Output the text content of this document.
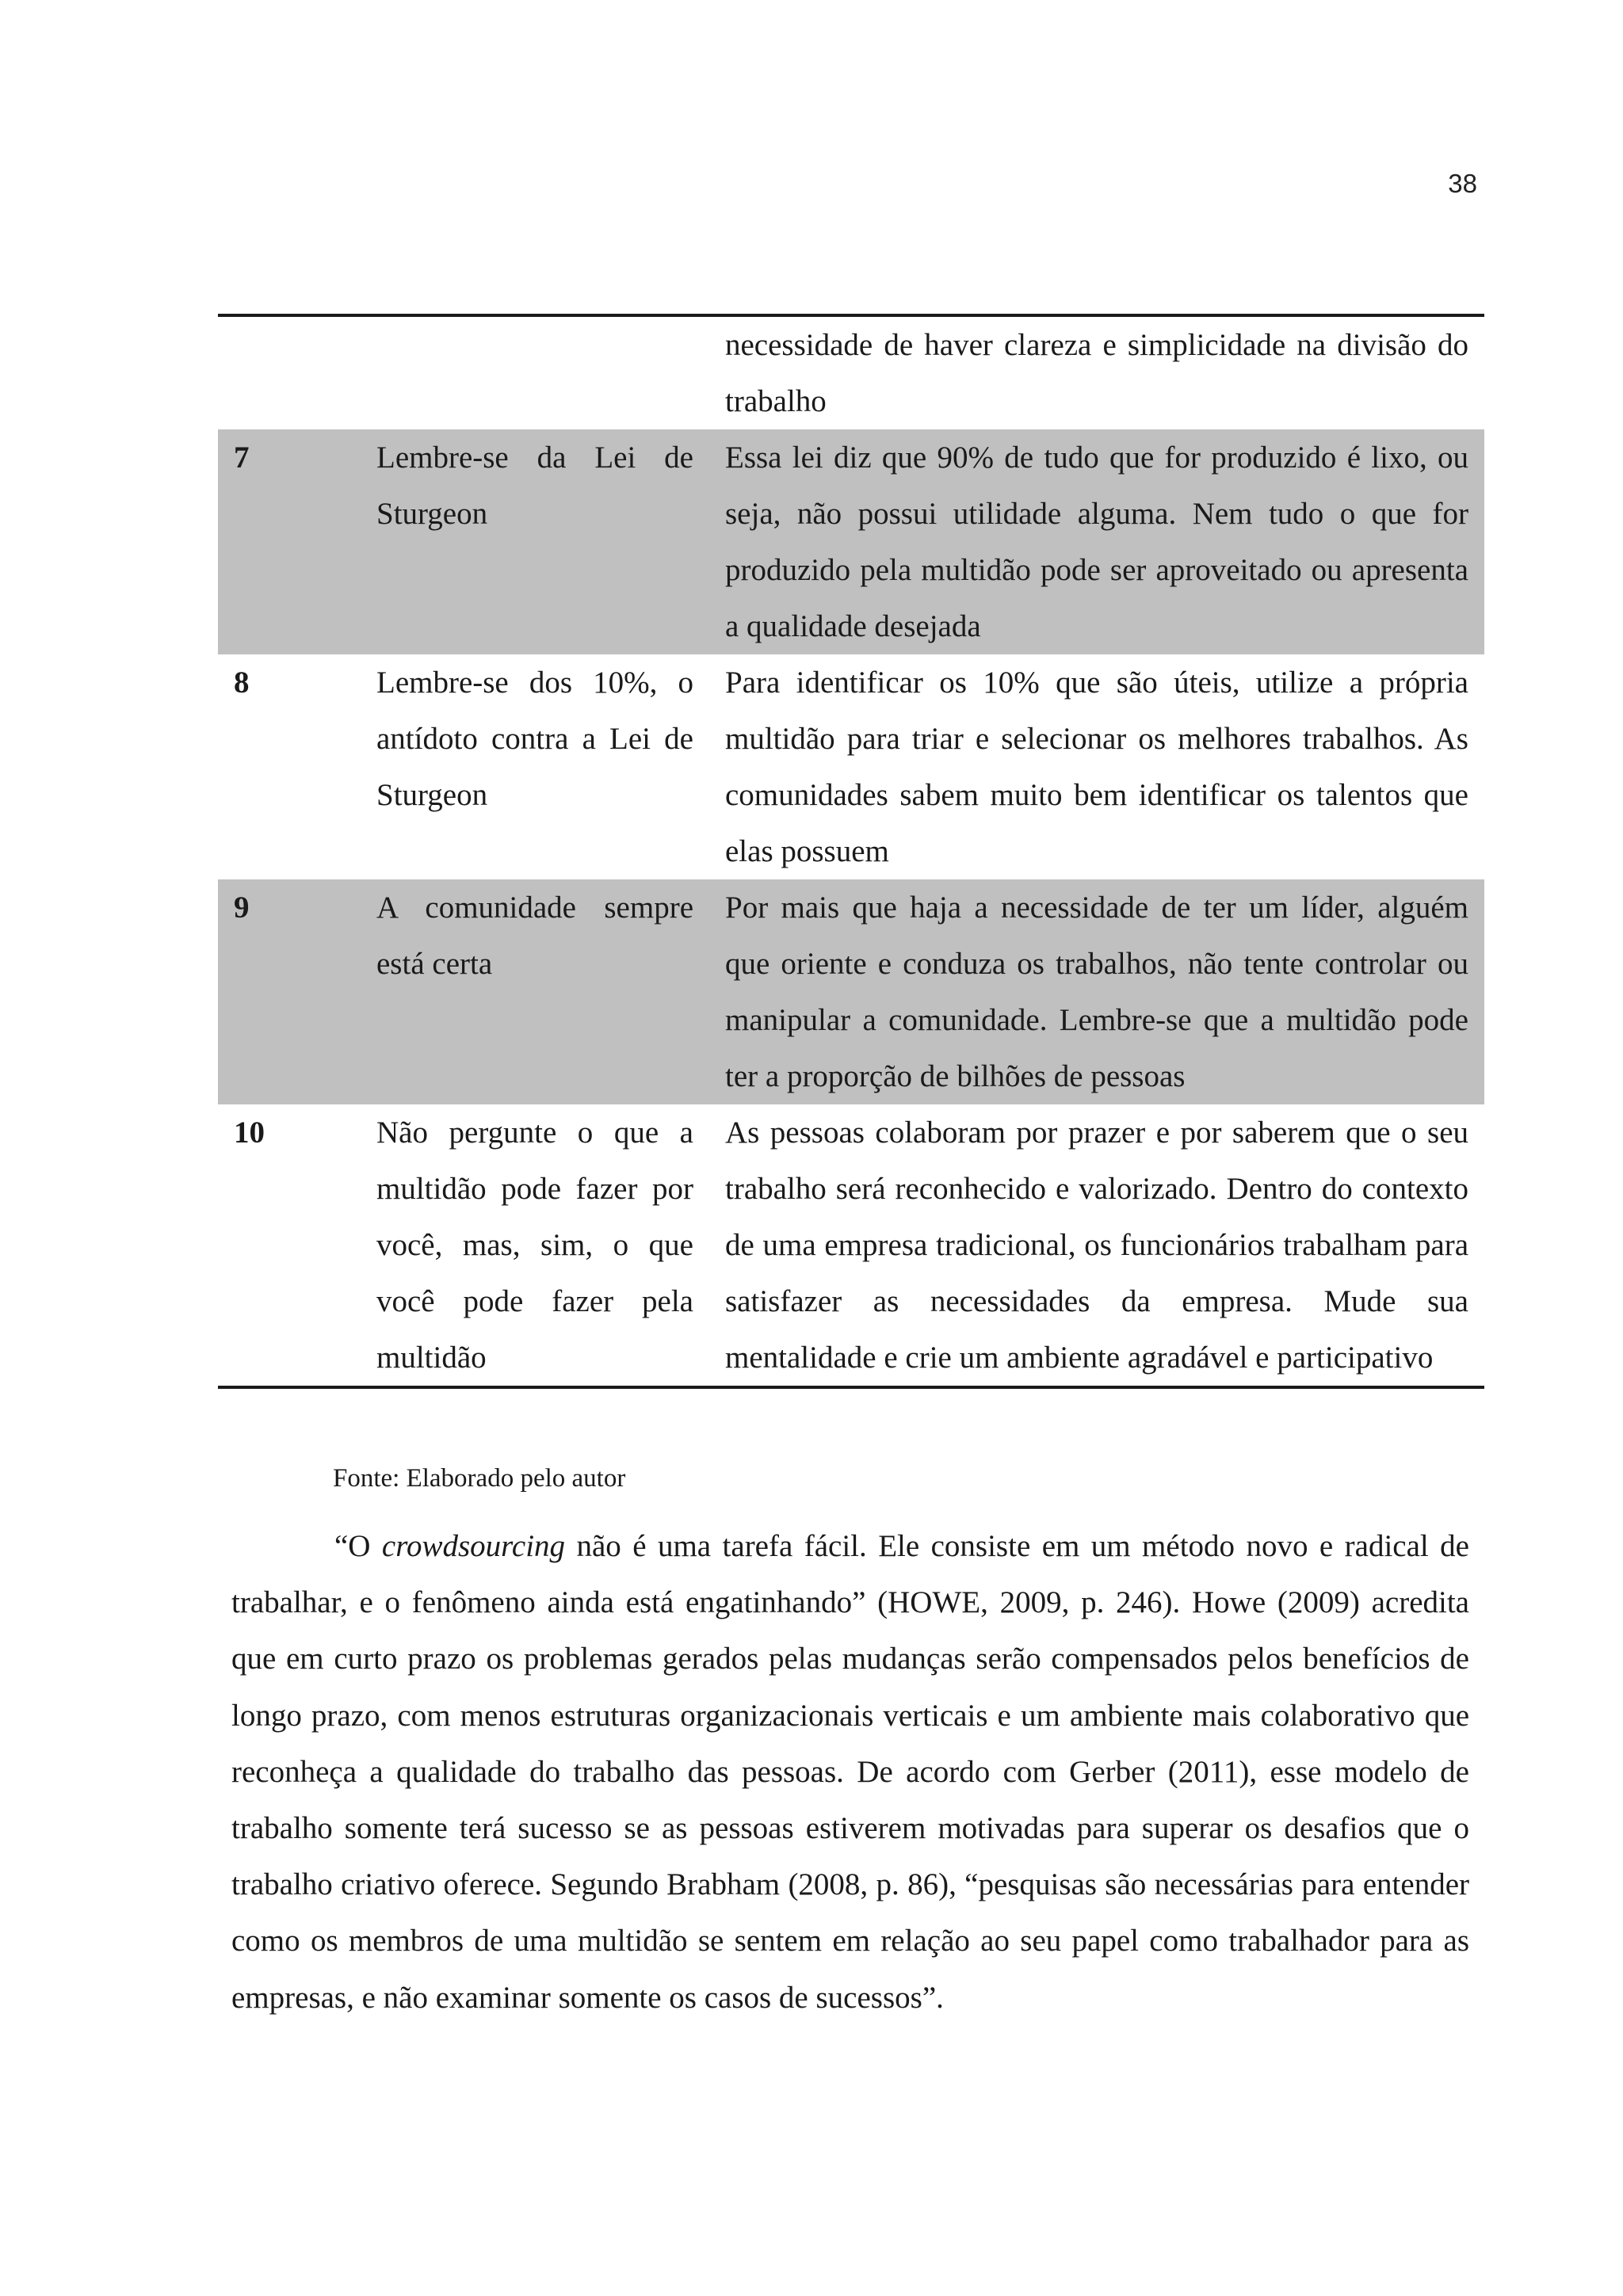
38
		necessidade de haver clareza e simplicidade na divisão do trabalho
7	Lembre-se da Lei de Sturgeon	Essa lei diz que 90% de tudo que for produzido é lixo, ou seja, não possui utilidade alguma. Nem tudo o que for produzido pela multidão pode ser aproveitado ou apresenta a qualidade desejada
8	Lembre-se dos 10%, o antídoto contra a Lei de Sturgeon	Para identificar os 10% que são úteis, utilize a própria multidão para triar e selecionar os melhores trabalhos. As comunidades sabem muito bem identificar os talentos que elas possuem
9	A comunidade sempre está certa	Por mais que haja a necessidade de ter um líder, alguém que oriente e conduza os trabalhos, não tente controlar ou manipular a comunidade. Lembre-se que a multidão pode ter a proporção de bilhões de pessoas
10	Não pergunte o que a multidão pode fazer por você, mas, sim, o que você pode fazer pela multidão	As pessoas colaboram por prazer e por saberem que o seu trabalho será reconhecido e valorizado. Dentro do contexto de uma empresa tradicional, os funcionários trabalham para satisfazer as necessidades da empresa. Mude sua mentalidade e crie um ambiente agradável e participativo
Fonte: Elaborado pelo autor

“O crowdsourcing não é uma tarefa fácil. Ele consiste em um método novo e radical de trabalhar, e o fenômeno ainda está engatinhando” (HOWE, 2009, p. 246). Howe (2009) acredita que em curto prazo os problemas gerados pelas mudanças serão compensados pelos benefícios de longo prazo, com menos estruturas organizacionais verticais e um ambiente mais colaborativo que reconheça a qualidade do trabalho das pessoas. De acordo com Gerber (2011), esse modelo de trabalho somente terá sucesso se as pessoas estiverem motivadas para superar os desafios que o trabalho criativo oferece. Segundo Brabham (2008, p. 86), “pesquisas são necessárias para entender como os membros de uma multidão se sentem em relação ao seu papel como trabalhador para as empresas, e não examinar somente os casos de sucessos”.
